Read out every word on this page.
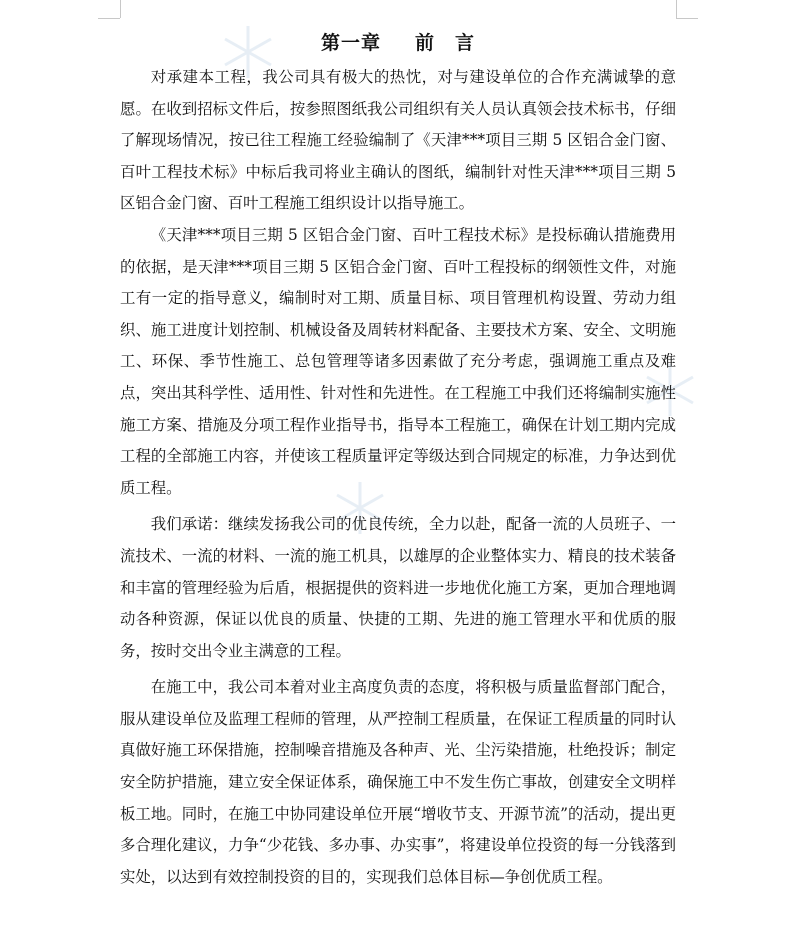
第一章 前　言

对承建本工程，我公司具有极大的热忱，对与建设单位的合作充满诚挚的意愿。在收到招标文件后，按参照图纸我公司组织有关人员认真领会技术标书，仔细了解现场情况，按已往工程施工经验编制了《天津***项目三期 5 区铝合金门窗、百叶工程技术标》中标后我司将业主确认的图纸，编制针对性天津***项目三期 5 区铝合金门窗、百叶工程施工组织设计以指导施工。

《天津***项目三期 5 区铝合金门窗、百叶工程技术标》是投标确认措施费用的依据，是天津***项目三期 5 区铝合金门窗、百叶工程投标的纲领性文件，对施工有一定的指导意义，编制时对工期、质量目标、项目管理机构设置、劳动力组织、施工进度计划控制、机械设备及周转材料配备、主要技术方案、安全、文明施工、环保、季节性施工、总包管理等诸多因素做了充分考虑，强调施工重点及难点，突出其科学性、适用性、针对性和先进性。在工程施工中我们还将编制实施性施工方案、措施及分项工程作业指导书，指导本工程施工，确保在计划工期内完成工程的全部施工内容，并使该工程质量评定等级达到合同规定的标准，力争达到优质工程。

我们承诺：继续发扬我公司的优良传统，全力以赴，配备一流的人员班子、一流技术、一流的材料、一流的施工机具，以雄厚的企业整体实力、精良的技术装备和丰富的管理经验为后盾，根据提供的资料进一步地优化施工方案，更加合理地调动各种资源，保证以优良的质量、快捷的工期、先进的施工管理水平和优质的服务，按时交出令业主满意的工程。

在施工中，我公司本着对业主高度负责的态度，将积极与质量监督部门配合，服从建设单位及监理工程师的管理，从严控制工程质量，在保证工程质量的同时认真做好施工环保措施，控制噪音措施及各种声、光、尘污染措施，杜绝投诉；制定安全防护措施，建立安全保证体系，确保施工中不发生伤亡事故，创建安全文明样板工地。同时，在施工中协同建设单位开展“增收节支、开源节流”的活动，提出更多合理化建议，力争“少花钱、多办事、办实事”，将建设单位投资的每一分钱落到实处，以达到有效控制投资的目的，实现我们总体目标—争创优质工程。
